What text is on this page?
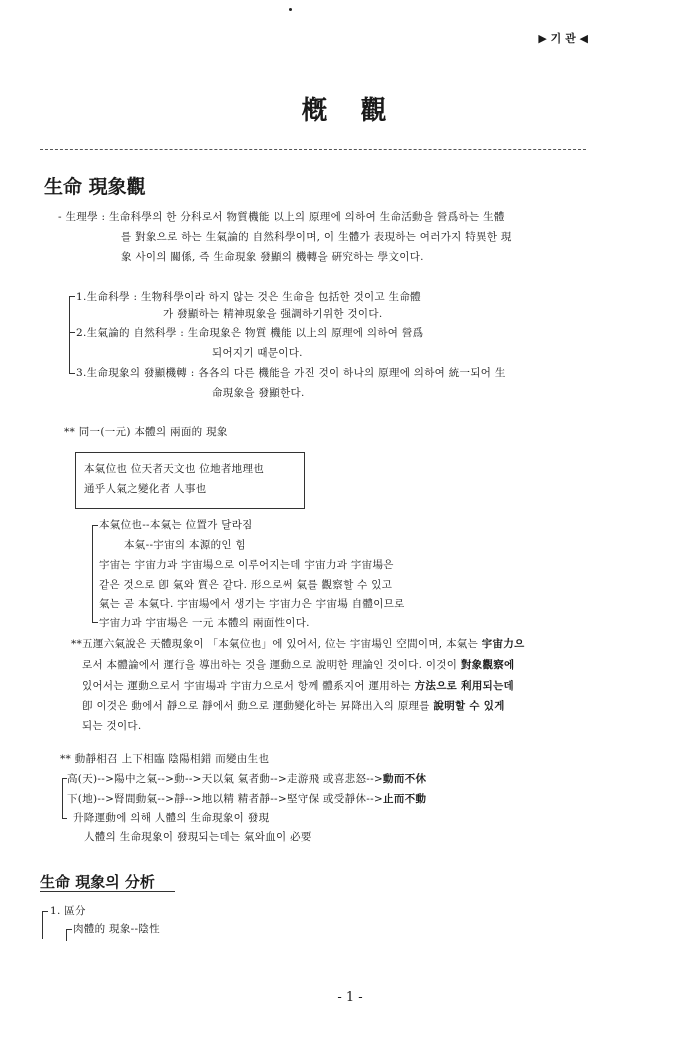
▶ 기 관 ◀
槪 觀
生命 現象觀
- 生理學 : 生命科學의 한 分科로서 物質機能 以上의 原理에 의하여 生命活動을 營爲하는 生體
를 對象으로 하는 生氣論的 自然科學이며, 이 生體가 表現하는 여러가지 特異한 現
象 사이의 關係, 즉 生命現象 發顯의 機轉을 硏究하는 學文이다.
1.生命科學 : 生物科學이라 하지 않는 것은 生命을 包括한 것이고 生命體
가 發顯하는 精神現象을 强調하기위한 것이다.
2.生氣論的 自然科學 : 生命現象은 物質 機能 以上의 原理에 의하여 營爲
되어지기 때문이다.
3.生命現象의 發顯機轉 : 各各의 다른 機能을 가진 것이 하나의 原理에 의하여 統一되어 生
命現象을 發顯한다.
** 同一(一元) 本體의 兩面的 現象
本氣位也 位天者天文也 位地者地理也
通乎人氣之變化者 人事也
本氣位也--本氣는 位置가 달라짐
本氣--宇宙의 本源的인 힘
宇宙는 宇宙力과 宇宙場으로 이루어지는데 宇宙力과 宇宙場은
같은 것으로 卽 氣와 質은 같다. 形으로써 氣를 觀察할 수 있고
氣는 곧 本氣다. 宇宙場에서 생기는 宇宙力은 宇宙場 自體이므로
宇宙力과 宇宙場은 一元 本體의 兩面性이다.
**五運六氣說은 天體現象이 「本氣位也」에 있어서, 位는 宇宙場인 空間이며, 本氣는 宇宙力으
로서 本體論에서 運行을 導出하는 것을 運動으로 說明한 理論인 것이다. 이것이 對象觀察에
있어서는 運動으로서 宇宙場과 宇宙力으로서 항께 體系지어 運用하는 方法으로 利用되는데
卽 이것은 動에서 靜으로 靜에서 動으로 運動變化하는 昇降出入의 原理를 說明할 수 있게
되는 것이다.
** 動靜相召 上下相臨 陰陽相錯 而變由生也
高(天)-->陽中之氣-->動-->天以氣 氣者動-->走游飛 或喜悲怒-->動而不休
下(地)-->腎間動氣-->靜-->地以精 精者靜-->堅守保 或受靜休-->止而不動
升降運動에 의해 人體의 生命現象이 發現
人體의 生命現象이 發現되는데는 氣와血이 必要
生命 現象의 分析
1. 區分
肉體的 現象--陰性
- 1 -
